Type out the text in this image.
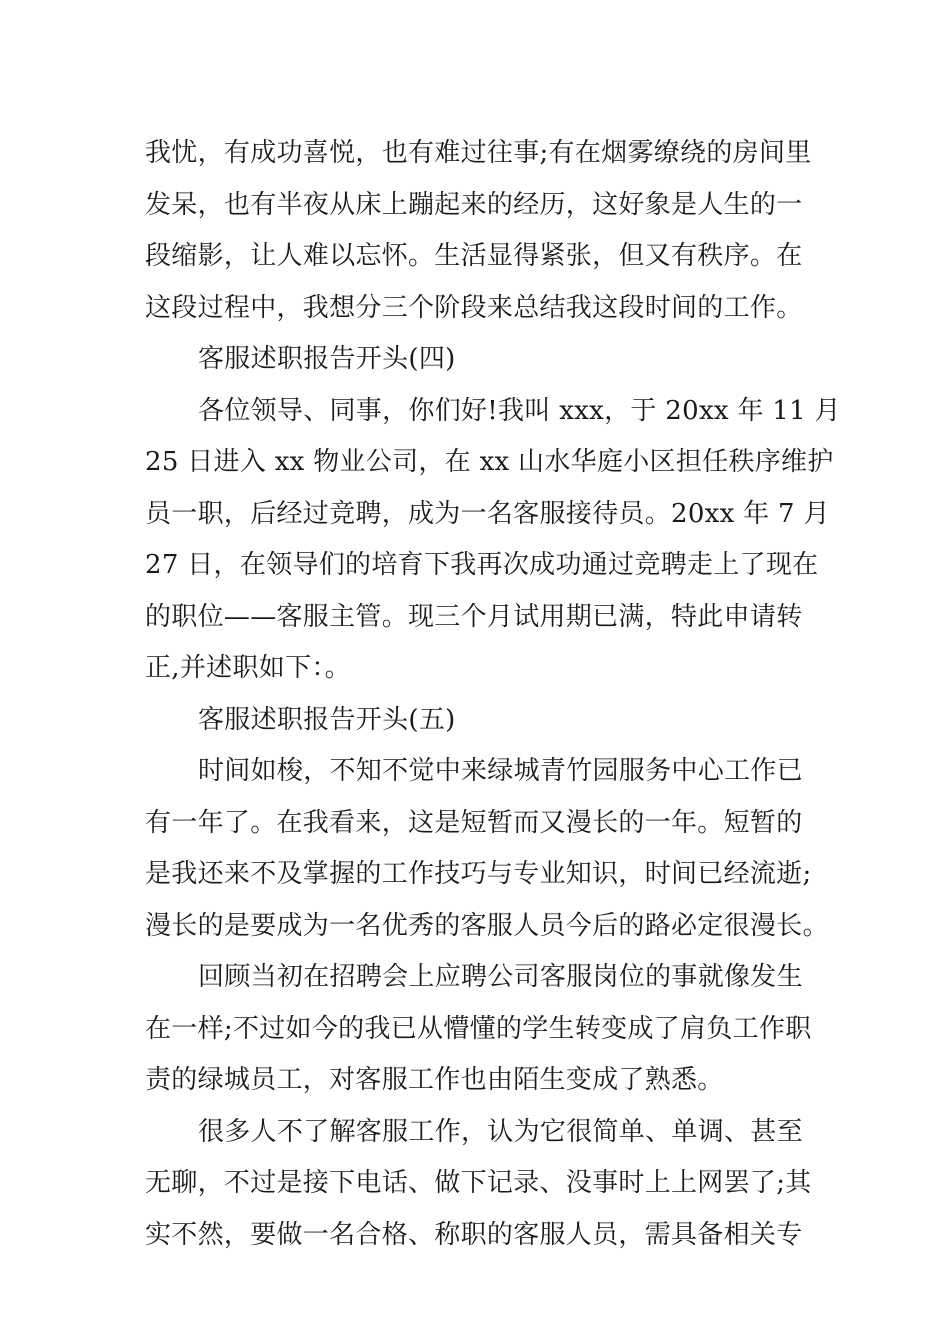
我忧，有成功喜悦，也有难过往事;有在烟雾缭绕的房间里
发呆，也有半夜从床上蹦起来的经历，这好象是人生的一
段缩影，让人难以忘怀。生活显得紧张，但又有秩序。在
这段过程中，我想分三个阶段来总结我这段时间的工作。
客服述职报告开头(四)
各位领导、同事，你们好!我叫 xxx，于 20xx 年 11 月
25 日进入 xx 物业公司，在 xx 山水华庭小区担任秩序维护
员一职，后经过竞聘，成为一名客服接待员。20xx 年 7 月
27 日，在领导们的培育下我再次成功通过竞聘走上了现在
的职位——客服主管。现三个月试用期已满，特此申请转
正,并述职如下：。
客服述职报告开头(五)
时间如梭，不知不觉中来绿城青竹园服务中心工作已
有一年了。在我看来，这是短暂而又漫长的一年。短暂的
是我还来不及掌握的工作技巧与专业知识，时间已经流逝;
漫长的是要成为一名优秀的客服人员今后的路必定很漫长。
回顾当初在招聘会上应聘公司客服岗位的事就像发生
在一样;不过如今的我已从懵懂的学生转变成了肩负工作职
责的绿城员工，对客服工作也由陌生变成了熟悉。
很多人不了解客服工作，认为它很简单、单调、甚至
无聊，不过是接下电话、做下记录、没事时上上网罢了;其
实不然，要做一名合格、称职的客服人员，需具备相关专
